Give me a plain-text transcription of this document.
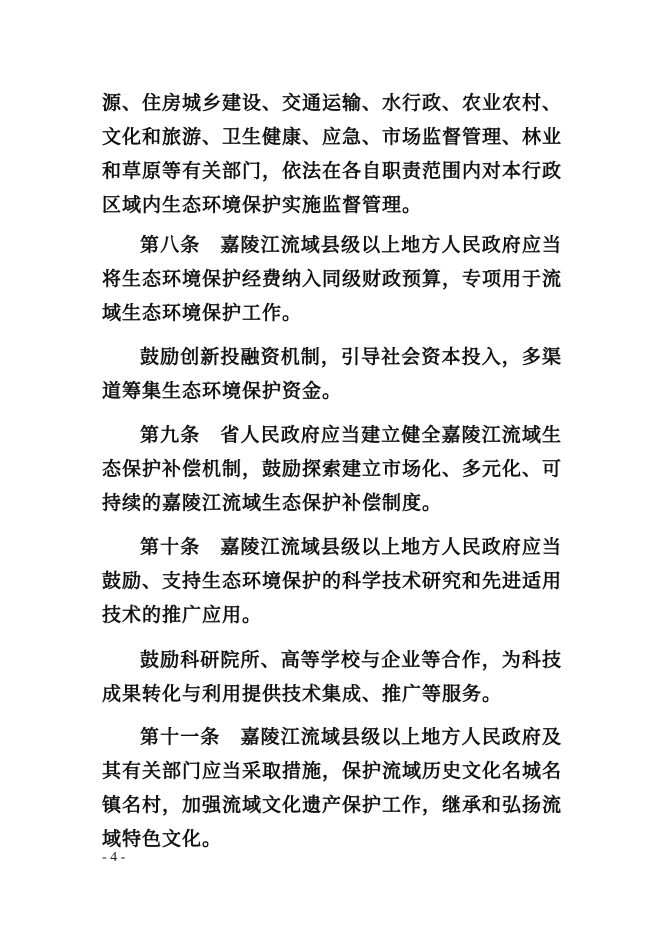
源、住房城乡建设、交通运输、水行政、农业农村、文化和旅游、卫生健康、应急、市场监督管理、林业和草原等有关部门，依法在各自职责范围内对本行政区域内生态环境保护实施监督管理。

第八条　嘉陵江流域县级以上地方人民政府应当将生态环境保护经费纳入同级财政预算，专项用于流域生态环境保护工作。

鼓励创新投融资机制，引导社会资本投入，多渠道筹集生态环境保护资金。

第九条　省人民政府应当建立健全嘉陵江流域生态保护补偿机制，鼓励探索建立市场化、多元化、可持续的嘉陵江流域生态保护补偿制度。

第十条　嘉陵江流域县级以上地方人民政府应当鼓励、支持生态环境保护的科学技术研究和先进适用技术的推广应用。

鼓励科研院所、高等学校与企业等合作，为科技成果转化与利用提供技术集成、推广等服务。

第十一条　嘉陵江流域县级以上地方人民政府及其有关部门应当采取措施，保护流域历史文化名城名镇名村，加强流域文化遗产保护工作，继承和弘扬流域特色文化。

- 4 -
